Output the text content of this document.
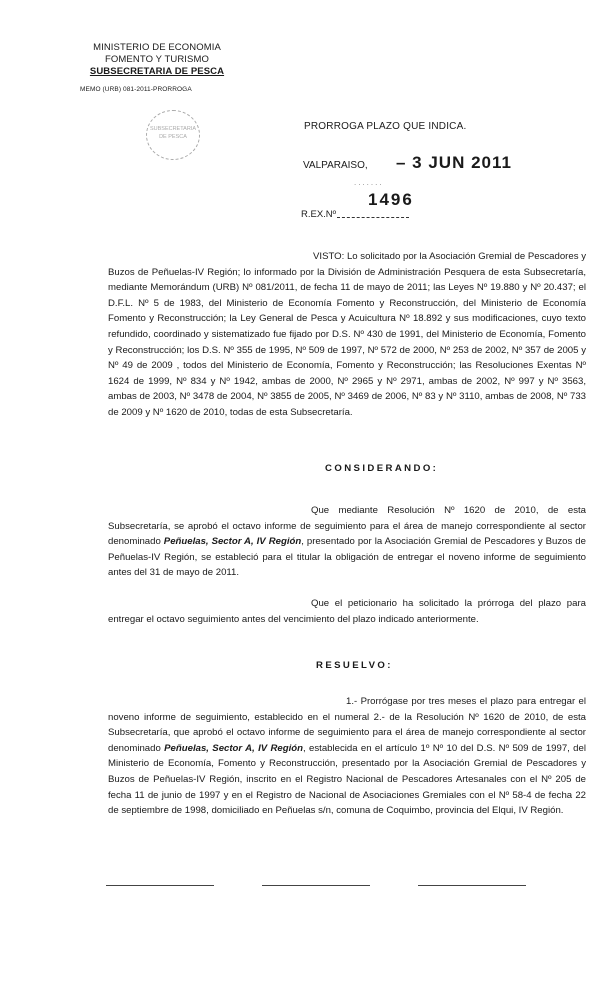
MINISTERIO DE ECONOMIA
FOMENTO Y TURISMO
SUBSECRETARIA DE PESCA
MEMO (URB) 081-2011-PRORROGA
SUBSECRETARIA DE PESCA
PRORROGA PLAZO QUE INDICA.
VALPARAISO, – 3 JUN 2011
.......
1496
R.EX.Nº

VISTO: Lo solicitado por la Asociación Gremial de Pescadores y Buzos de Peñuelas-IV Región; lo informado por la División de Administración Pesquera de esta Subsecretaría, mediante Memorándum (URB) Nº 081/2011, de fecha 11 de mayo de 2011; las Leyes Nº 19.880 y Nº 20.437; el D.F.L. Nº 5 de 1983, del Ministerio de Economía Fomento y Reconstrucción, del Ministerio de Economía Fomento y Reconstrucción; la Ley General de Pesca y Acuicultura Nº 18.892 y sus modificaciones, cuyo texto refundido, coordinado y sistematizado fue fijado por D.S. Nº 430 de 1991, del Ministerio de Economía, Fomento y Reconstrucción; los D.S. Nº 355 de 1995, Nº 509 de 1997, Nº 572 de 2000, Nº 253 de 2002, Nº 357 de 2005 y Nº 49 de 2009 , todos del Ministerio de Economía, Fomento y Reconstrucción; las Resoluciones Exentas Nº 1624 de 1999, Nº 834 y Nº 1942, ambas de 2000, Nº 2965 y Nº 2971, ambas de 2002, Nº 997 y Nº 3563, ambas de 2003, Nº 3478 de 2004, Nº 3855 de 2005, Nº 3469 de 2006, Nº 83 y Nº 3110, ambas de 2008, Nº 733 de 2009 y Nº 1620 de 2010, todas de esta Subsecretaría.

CONSIDERANDO:

Que mediante Resolución Nº 1620 de 2010, de esta Subsecretaría, se aprobó el octavo informe de seguimiento para el área de manejo correspondiente al sector denominado Peñuelas, Sector A, IV Región, presentado por la Asociación Gremial de Pescadores y Buzos de Peñuelas-IV Región, se estableció para el titular la obligación de entregar el noveno informe de seguimiento antes del 31 de mayo de 2011.

Que el peticionario ha solicitado la prórroga del plazo para entregar el octavo seguimiento antes del vencimiento del plazo indicado anteriormente.

RESUELVO:

1.- Prorrógase por tres meses el plazo para entregar el noveno informe de seguimiento, establecido en el numeral 2.- de la Resolución Nº 1620 de 2010, de esta Subsecretaría, que aprobó el octavo informe de seguimiento para el área de manejo correspondiente al sector denominado Peñuelas, Sector A, IV Región, establecida en el artículo 1º Nº 10 del D.S. Nº 509 de 1997, del Ministerio de Economía, Fomento y Reconstrucción, presentado por la Asociación Gremial de Pescadores y Buzos de Peñuelas-IV Región, inscrito en el Registro Nacional de Pescadores Artesanales con el Nº 205 de fecha 11 de junio de 1997 y en el Registro de Nacional de Asociaciones Gremiales con el Nº 58-4 de fecha 22 de septiembre de 1998, domiciliado en Peñuelas s/n, comuna de Coquimbo, provincia del Elqui, IV Región.
